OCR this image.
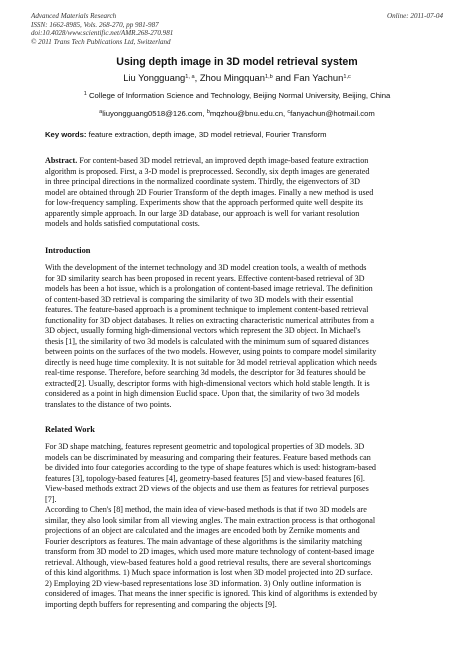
Advanced Materials Research
ISSN: 1662-8985, Vols. 268-270, pp 981-987
doi:10.4028/www.scientific.net/AMR.268-270.981
© 2011 Trans Tech Publications Ltd, Switzerland
Online: 2011-07-04
Using depth image in 3D model retrieval system
Liu Yongguang$^{1, a}$, Zhou Mingquan$^{1,b}$ and Fan Yachun$^{1,c}$
$^1$ College of Information Science and Technology, Beijing Normal University, Beijing, China
$^a$liuyongguang0518@126.com, $^b$mqzhou@bnu.edu.cn, $^c$fanyachun@hotmail.com
Key words: feature extraction, depth image, 3D model retrieval, Fourier Transform
Abstract. For content-based 3D model retrieval, an improved depth image-based feature extraction
algorithm is proposed. First, a 3-D model is preprocessed. Secondly, six depth images are generated
in three principal directions in the normalized coordinate system. Thirdly, the eigenvectors of 3D
model are obtained through 2D Fourier Transform of the depth images. Finally a new method is used
for low-frequency sampling. Experiments show that the approach performed quite well despite its
apparently simple approach. In our large 3D database, our approach is well for variant resolution
models and holds satisfied computational costs.
Introduction
With the development of the internet technology and 3D model creation tools, a wealth of methods
for 3D similarity search has been proposed in recent years. Effective content-based retrieval of 3D
models has been a hot issue, which is a prolongation of content-based image retrieval. The definition
of content-based 3D retrieval is comparing the similarity of two 3D models with their essential
features. The feature-based approach is a prominent technique to implement content-based retrieval
functionality for 3D object databases. It relies on extracting characteristic numerical attributes from a
3D object, usually forming high-dimensional vectors which represent the 3D object. In Michael's
thesis [1], the similarity of two 3d models is calculated with the minimum sum of squared distances
between points on the surfaces of the two models. However, using points to compare model similarity
directly is need huge time complexity. It is not suitable for 3d model retrieval application which needs
real-time response. Therefore, before searching 3d models, the descriptor for 3d features should be
extracted[2]. Usually, descriptor forms with high-dimensional vectors which hold stable length. It is
considered as a point in high dimension Euclid space. Upon that, the similarity of two 3d models
translates to the distance of two points.
Related Work
For 3D shape matching, features represent geometric and topological properties of 3D models. 3D
models can be discriminated by measuring and comparing their features. Feature based methods can
be divided into four categories according to the type of shape features which is used: histogram-based
features [3], topology-based features [4], geometry-based features [5] and view-based features [6].
View-based methods extract 2D views of the objects and use them as features for retrieval purposes
[7].
According to Chen's [8] method, the main idea of view-based methods is that if two 3D models are
similar, they also look similar from all viewing angles. The main extraction process is that orthogonal
projections of an object are calculated and the images are encoded both by Zernike moments and
Fourier descriptors as features. The main advantage of these algorithms is the similarity matching
transform from 3D model to 2D images, which used more mature technology of content-based image
retrieval. Although, view-based features hold a good retrieval results, there are several shortcomings
of this kind algorithms. 1) Much space information is lost when 3D model projected into 2D surface.
2) Employing 2D view-based representations lose 3D information. 3) Only outline information is
considered of images. That means the inner specific is ignored. This kind of algorithms is extended by
importing depth buffers for representing and comparing the objects [9].
